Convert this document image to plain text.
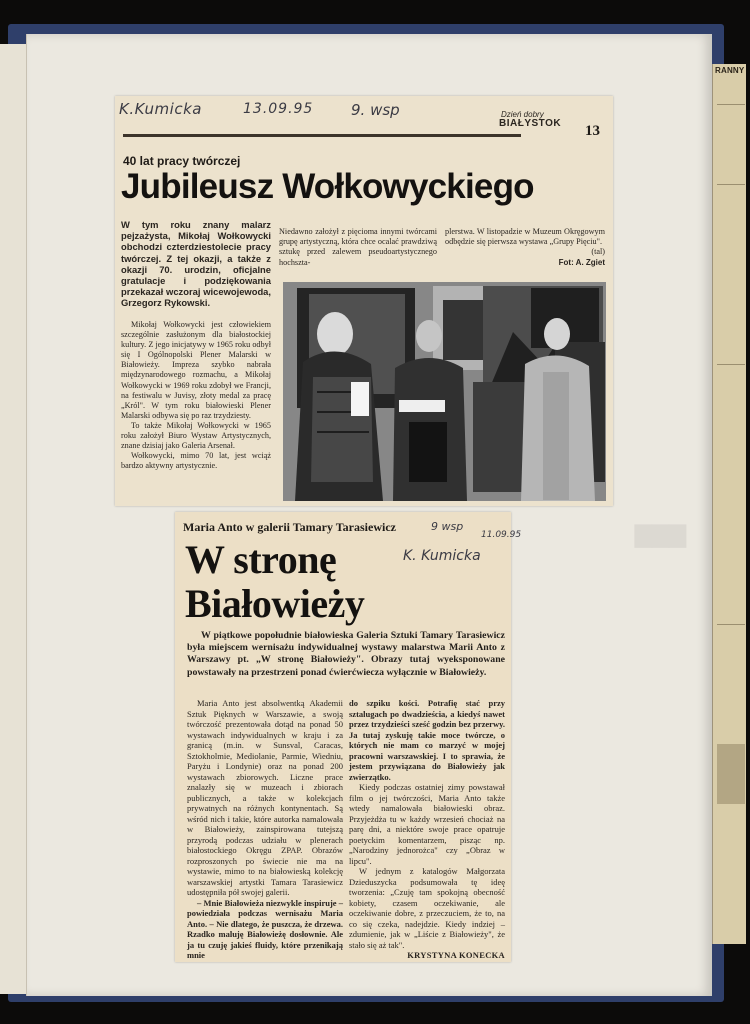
RANNY
▇▇▇
K.Kumicka	13.09.95	9. wsp	Dzień dobry
BIAŁYSTOK 13
40 lat pracy twórczej
Jubileusz Wołkowyckiego
W tym roku znany malarz pejzażysta, Mikołaj Wołkowycki obchodzi czterdziestolecie pracy twórczej. Z tej okazji, a także z okazji 70. urodzin, oficjalne gratulacje i podziękowania przekazał wczoraj wicewojewoda, Grzegorz Rykowski.

Mikołaj Wołkowycki jest człowiekiem szczególnie zasłużonym dla białostockiej kultury. Z jego inicjatywy w 1965 roku odbył się I Ogólnopolski Plener Malarski w Białowieży. Impreza szybko nabrała międzynarodowego rozmachu, a Mikołaj Wołkowycki w 1969 roku zdobył we Francji, na festiwalu w Juvisy, złoty medal za pracę „Król". W tym roku białowieski Plener Malarski odbywa się po raz trzydziesty.

To także Mikołaj Wołkowycki w 1965 roku założył Biuro Wystaw Artystycznych, znane dzisiaj jako Galeria Arsenał.

Wołkowycki, mimo 70 lat, jest wciąż bardzo aktywny artystycznie.

Niedawno założył z pięcioma innymi twórcami grupę artystyczną, która chce ocalać prawdziwą sztukę przed zalewem pseudoartystycznego hochszta-
plerstwa. W listopadzie w Muzeum Okręgowym odbędzie się pierwsza wystawa „Grupy Pięciu".
(tal)
Fot: A. Zgiet
Maria Anto w galerii Tamary Tarasiewicz	9 wsp
11.09.95
K. Kumicka
W stronę
Białowieży
W piątkowe popołudnie białowieska Galeria Sztuki Tamary Tarasiewicz była miejscem wernisażu indywidualnej wystawy malarstwa Marii Anto z Warszawy pt. „W stronę Białowieży". Obrazy tutaj wyeksponowane powstawały na przestrzeni ponad ćwierćwiecza wyłącznie w Białowieży.

Maria Anto jest absolwentką Akademii Sztuk Pięknych w Warszawie, a swoją twórczość prezentowała dotąd na ponad 50 wystawach indywidualnych w kraju i za granicą (m.in. w Sunsval, Caracas, Sztokholmie, Mediolanie, Parmie, Wiedniu, Paryżu i Londynie) oraz na ponad 200 wystawach zbiorowych. Liczne prace znalazły się w muzeach i zbiorach publicznych, a także w kolekcjach prywatnych na różnych kontynentach. Są wśród nich i takie, które autorka namalowała w Białowieży, zainspirowana tutejszą przyrodą podczas udziału w plenerach białostockiego Okręgu ZPAP. Obrazów rozproszonych po świecie nie ma na wystawie, mimo to na białowieską kolekcję warszawskiej artystki Tamara Tarasiewicz udostępniła pół swojej galerii.

– Mnie Białowieża niezwykle inspiruje – powiedziała podczas wernisażu Maria Anto. – Nie dlatego, że puszcza, że drzewa. Rzadko maluję Białowieżę dosłownie. Ale ja tu czuję jakieś fluidy, które przenikają mnie

do szpiku kości. Potrafię stać przy sztalugach po dwadzieścia, a kiedyś nawet przez trzydzieści sześć godzin bez przerwy. Ja tutaj zyskuję takie moce twórcze, o których nie mam co marzyć w mojej pracowni warszawskiej. I to sprawia, że jestem przywiązana do Białowieży jak zwierzątko.

Kiedy podczas ostatniej zimy powstawał film o jej twórczości, Maria Anto także wtedy namalowała białowieski obraz. Przyjeżdża tu w każdy wrzesień chociaż na parę dni, a niektóre swoje prace opatruje poetyckim komentarzem, pisząc np. „Narodziny jednorożca" czy „Obraz w lipcu".

W jednym z katalogów Małgorzata Dzieduszycka podsumowała tę ideę tworzenia: „Czuję tam spokojną obecność kobiety, czasem oczekiwanie, ale oczekiwanie dobre, z przeczuciem, że to, na co się czeka, nadejdzie. Kiedy indziej – zdumienie, jak w „Liście z Białowieży", że stało się aż tak".

KRYSTYNA KONECKA
